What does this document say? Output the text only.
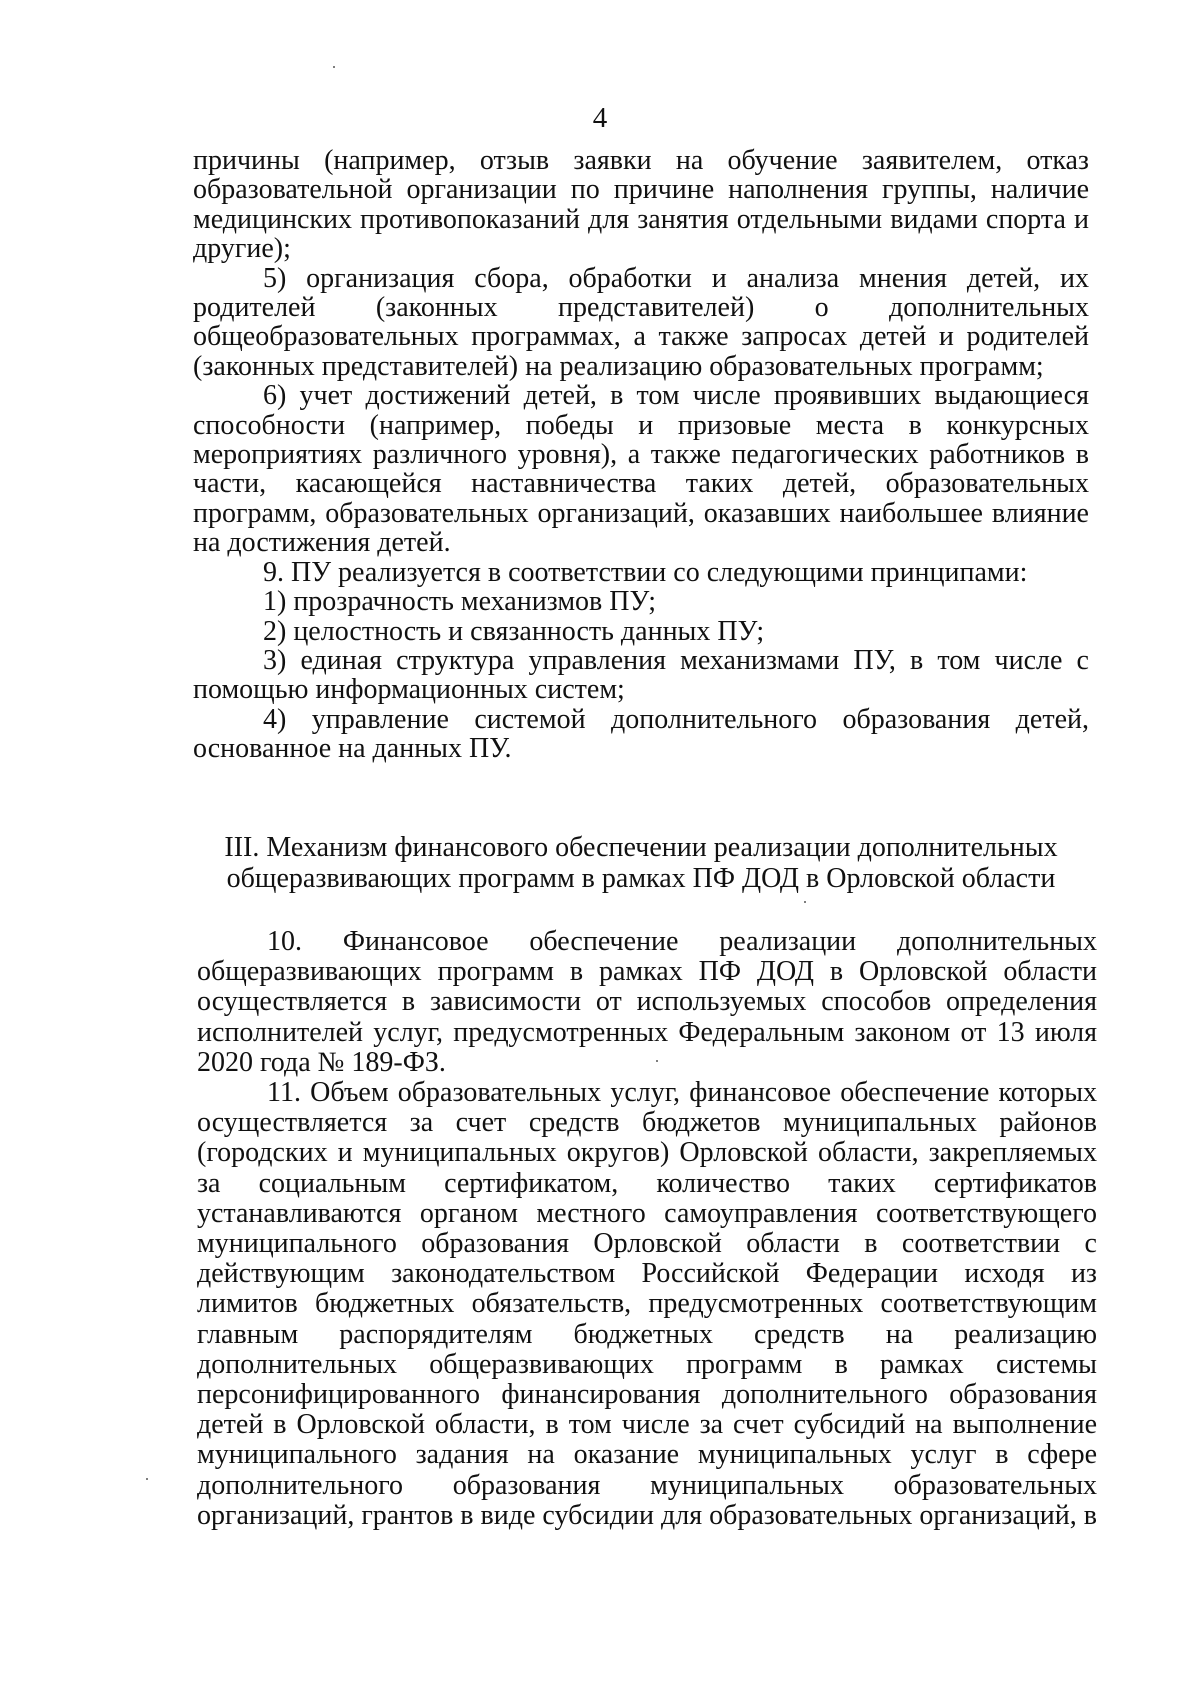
4

причины (например, отзыв заявки на обучение заявителем, отказ образовательной организации по причине наполнения группы, наличие медицинских противопоказаний для занятия отдельными видами спорта и другие);

5) организация сбора, обработки и анализа мнения детей, их родителей (законных представителей) о дополнительных общеобразовательных программах, а также запросах детей и родителей (законных представителей) на реализацию образовательных программ;

6) учет достижений детей, в том числе проявивших выдающиеся способности (например, победы и призовые места в конкурсных мероприятиях различного уровня), а также педагогических работников в части, касающейся наставничества таких детей, образовательных программ, образовательных организаций, оказавших наибольшее влияние на достижения детей.

9. ПУ реализуется в соответствии со следующими принципами:

1) прозрачность механизмов ПУ;

2) целостность и связанность данных ПУ;

3) единая структура управления механизмами ПУ, в том числе с помощью информационных систем;

4) управление системой дополнительного образования детей, основанное на данных ПУ.

III. Механизм финансового обеспечении реализации дополнительных
общеразвивающих программ в рамках ПФ ДОД в Орловской области

10. Финансовое обеспечение реализации дополнительных общеразвивающих программ в рамках ПФ ДОД в Орловской области осуществляется в зависимости от используемых способов определения исполнителей услуг, предусмотренных Федеральным законом от 13 июля 2020 года № 189-ФЗ.

11. Объем образовательных услуг, финансовое обеспечение которых осуществляется за счет средств бюджетов муниципальных районов (городских и муниципальных округов) Орловской области, закрепляемых за социальным сертификатом, количество таких сертификатов устанавливаются органом местного самоуправления соответствующего муниципального образования Орловской области в соответствии с действующим законодательством Российской Федерации исходя из лимитов бюджетных обязательств, предусмотренных соответствующим главным распорядителям бюджетных средств на реализацию дополнительных общеразвивающих программ в рамках системы персонифицированного финансирования дополнительного образования детей в Орловской области, в том числе за счет субсидий на выполнение муниципального задания на оказание муниципальных услуг в сфере дополнительного образования муниципальных образовательных организаций, грантов в виде субсидии для образовательных организаций, в
